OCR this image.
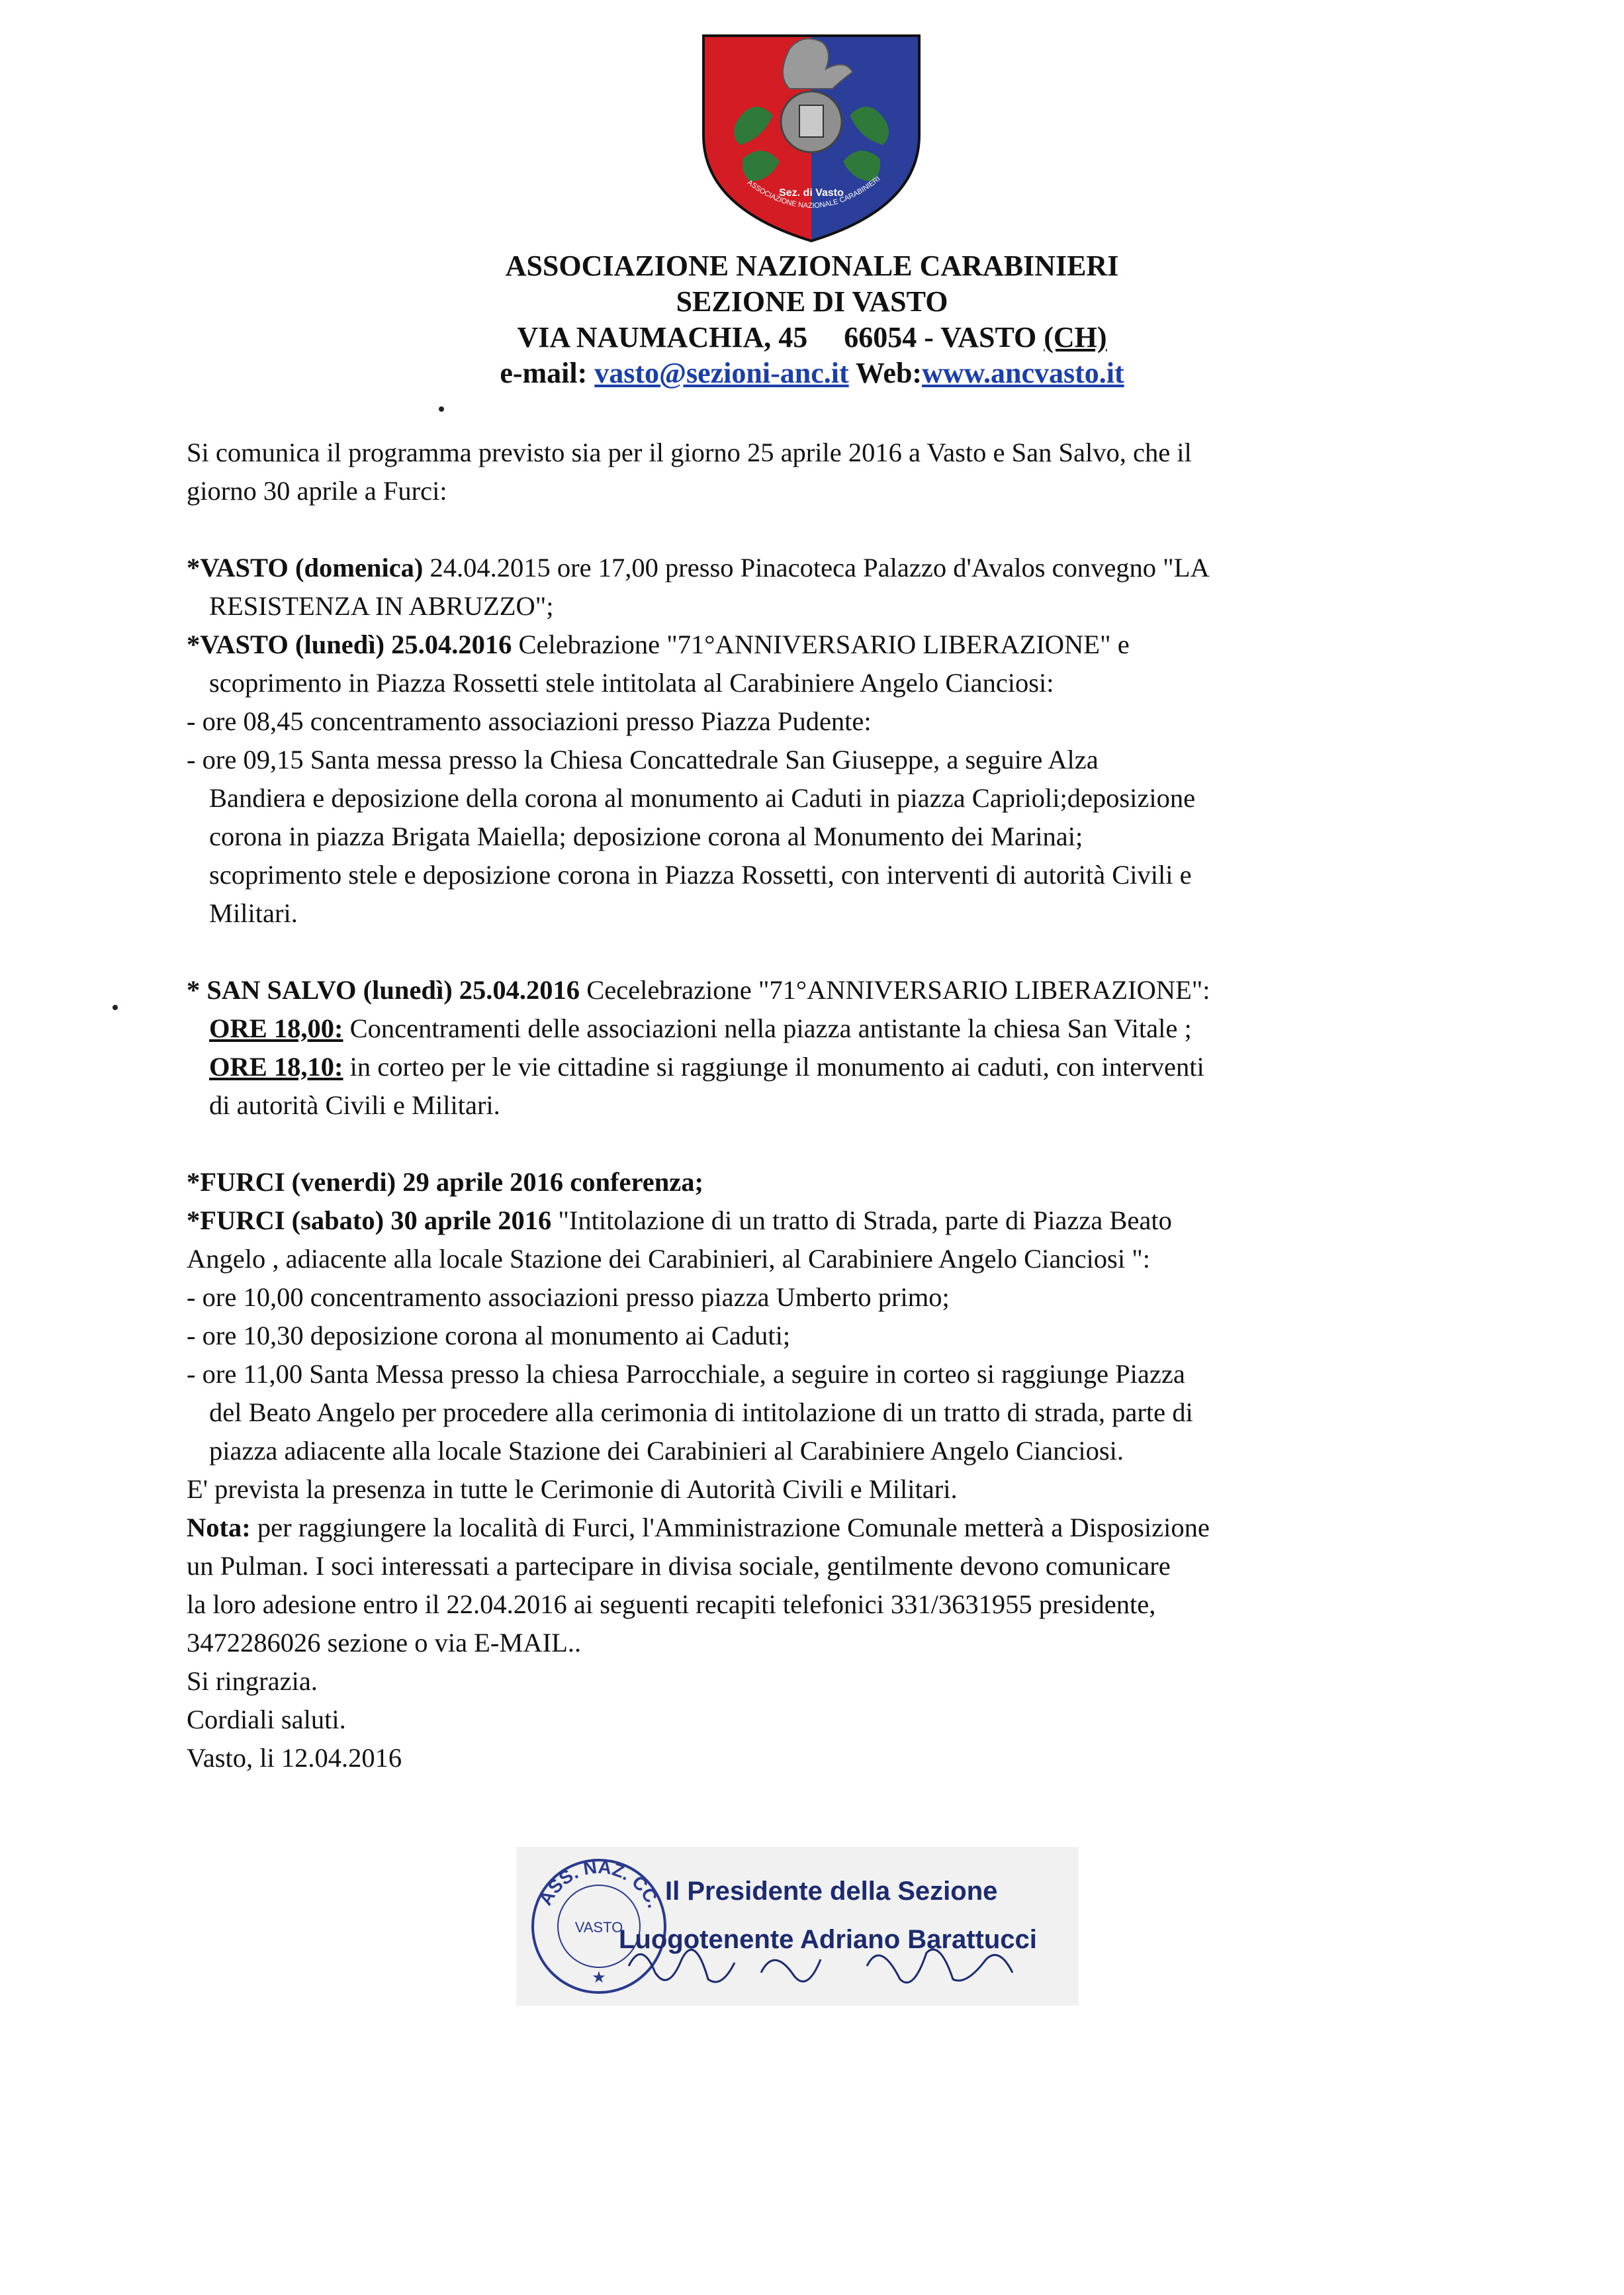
Sez. di Vasto
ASSOCIAZIONE NAZIONALE CARABINIERI
ASSOCIAZIONE NAZIONALE CARABINIERI
SEZIONE DI VASTO
VIA NAUMACHIA, 45 66054 - VASTO (CH)
e-mail: vasto@sezioni-anc.it Web:www.ancvasto.it

Si comunica il programma previsto sia per il giorno 25 aprile 2016 a Vasto e San Salvo, che il

giorno 30 aprile a Furci:

*VASTO (domenica) 24.04.2015 ore 17,00 presso Pinacoteca Palazzo d'Avalos convegno "LA

RESISTENZA IN ABRUZZO";

*VASTO (lunedì) 25.04.2016 Celebrazione "71°ANNIVERSARIO LIBERAZIONE" e

scoprimento in Piazza Rossetti stele intitolata al Carabiniere Angelo Cianciosi:

- ore 08,45 concentramento associazioni presso Piazza Pudente:

- ore 09,15 Santa messa presso la Chiesa Concattedrale San Giuseppe, a seguire Alza

Bandiera e deposizione della corona al monumento ai Caduti in piazza Caprioli;deposizione

corona in piazza Brigata Maiella; deposizione corona al Monumento dei Marinai;

scoprimento stele e deposizione corona in Piazza Rossetti, con interventi di autorità Civili e

Militari.

* SAN SALVO (lunedì) 25.04.2016 Cecelebrazione "71°ANNIVERSARIO LIBERAZIONE":

ORE 18,00: Concentramenti delle associazioni nella piazza antistante la chiesa San Vitale ;

ORE 18,10: in corteo per le vie cittadine si raggiunge il monumento ai caduti, con interventi

di autorità Civili e Militari.

*FURCI (venerdi) 29 aprile 2016 conferenza;

*FURCI (sabato) 30 aprile 2016 "Intitolazione di un tratto di Strada, parte di Piazza Beato

Angelo , adiacente alla locale Stazione dei Carabinieri, al Carabiniere Angelo Cianciosi ":

- ore 10,00 concentramento associazioni presso piazza Umberto primo;

- ore 10,30 deposizione corona al monumento ai Caduti;

- ore 11,00 Santa Messa presso la chiesa Parrocchiale, a seguire in corteo si raggiunge Piazza

del Beato Angelo per procedere alla cerimonia di intitolazione di un tratto di strada, parte di

piazza adiacente alla locale Stazione dei Carabinieri al Carabiniere Angelo Cianciosi.

E' prevista la presenza in tutte le Cerimonie di Autorità Civili e Militari.

Nota: per raggiungere la località di Furci, l'Amministrazione Comunale metterà a Disposizione

un Pulman. I soci interessati a partecipare in divisa sociale, gentilmente devono comunicare

la loro adesione entro il 22.04.2016 ai seguenti recapiti telefonici 331/3631955 presidente,

3472286026 sezione o via E-MAIL..

Si ringrazia.

Cordiali saluti.

Vasto, li 12.04.2016

ASS. NAZ. CC.
VASTO
★
Il Presidente della Sezione
Luogotenente Adriano Barattucci
